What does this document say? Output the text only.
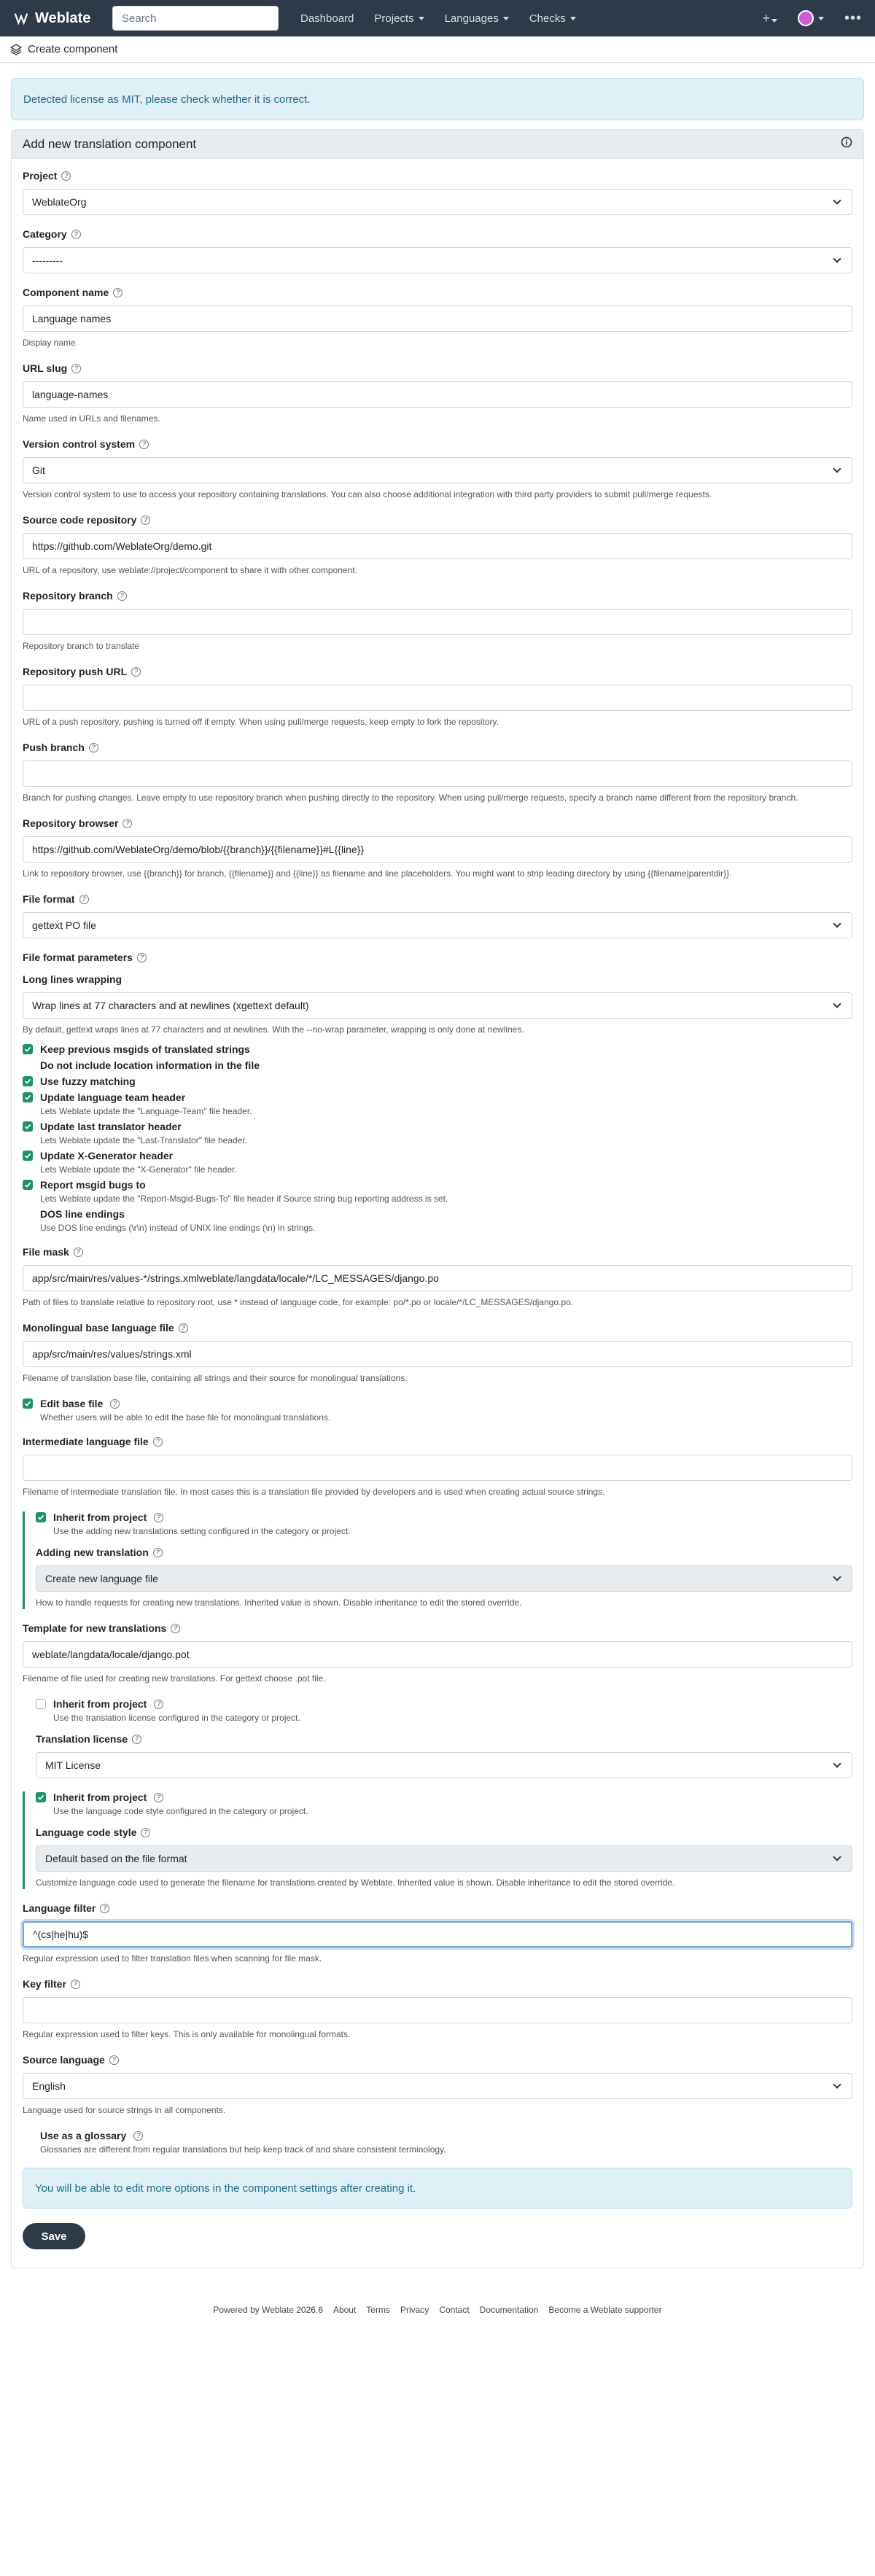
Weblate	Search	Dashboard Projects	Languages	Checks	+	•••
Create component
Detected license as MIT, please check whether it is correct.
Add new translation component
Project	?
WeblateOrg
Category	?
---------
Component name	?
Language names
Display name
URL slug	?
language-names
Name used in URLs and filenames.
Version control system	?
Git
Version control system to use to access your repository containing translations. You can also choose additional integration with third party providers to submit pull/merge requests.
Source code repository	?
https://github.com/WeblateOrg/demo.git
URL of a repository, use weblate://project/component to share it with other component.
Repository branch	?
Repository branch to translate
Repository push URL	?
URL of a push repository, pushing is turned off if empty. When using pull/merge requests, keep empty to fork the repository.
Push branch	?
Branch for pushing changes. Leave empty to use repository branch when pushing directly to the repository. When using pull/merge requests, specify a branch name different from the repository branch.
Repository browser	?
https://github.com/WeblateOrg/demo/blob/{{branch}}/{{filename}}#L{{line}}
Link to repository browser, use {{branch}} for branch, {{filename}} and {{line}} as filename and line placeholders. You might want to strip leading directory by using {{filename|parentdir}}.
File format	?
gettext PO file
File format parameters	?
Long lines wrapping
Wrap lines at 77 characters and at newlines (xgettext default)
By default, gettext wraps lines at 77 characters and at newlines. With the --no-wrap parameter, wrapping is only done at newlines.
Keep previous msgids of translated strings
Do not include location information in the file
Use fuzzy matching
Update language team header
Lets Weblate update the "Language-Team" file header.
Update last translator header
Lets Weblate update the "Last-Translator" file header.
Update X-Generator header
Lets Weblate update the "X-Generator" file header.
Report msgid bugs to
Lets Weblate update the "Report-Msgid-Bugs-To" file header if Source string bug reporting address is set.
DOS line endings
Use DOS line endings (\r\n) instead of UNIX line endings (\n) in strings.
File mask	?
app/src/main/res/values-*/strings.xmlweblate/langdata/locale/*/LC_MESSAGES/django.po
Path of files to translate relative to repository root, use * instead of language code, for example: po/*.po or locale/*/LC_MESSAGES/django.po.
Monolingual base language file	?
app/src/main/res/values/strings.xml
Filename of translation base file, containing all strings and their source for monolingual translations.
Edit base file	?
Whether users will be able to edit the base file for monolingual translations.
Intermediate language file	?
Filename of intermediate translation file. In most cases this is a translation file provided by developers and is used when creating actual source strings.
Inherit from project	?
Use the adding new translations setting configured in the category or project.
Adding new translation	?
Create new language file
How to handle requests for creating new translations. Inherited value is shown. Disable inheritance to edit the stored override.
Template for new translations	?
weblate/langdata/locale/django.pot
Filename of file used for creating new translations. For gettext choose .pot file.
Inherit from project	?
Use the translation license configured in the category or project.
Translation license	?
MIT License
Inherit from project	?
Use the language code style configured in the category or project.
Language code style	?
Default based on the file format
Customize language code used to generate the filename for translations created by Weblate. Inherited value is shown. Disable inheritance to edit the stored override.
Language filter	?
^(cs|he|hu)$
Regular expression used to filter translation files when scanning for file mask.
Key filter	?
Regular expression used to filter keys. This is only available for monolingual formats.
Source language	?
English
Language used for source strings in all components.
Use as a glossary	?
Glossaries are different from regular translations but help keep track of and share consistent terminology.
You will be able to edit more options in the component settings after creating it.
Save
Powered by Weblate 2026.6 About Terms Privacy Contact Documentation Become a Weblate supporter
